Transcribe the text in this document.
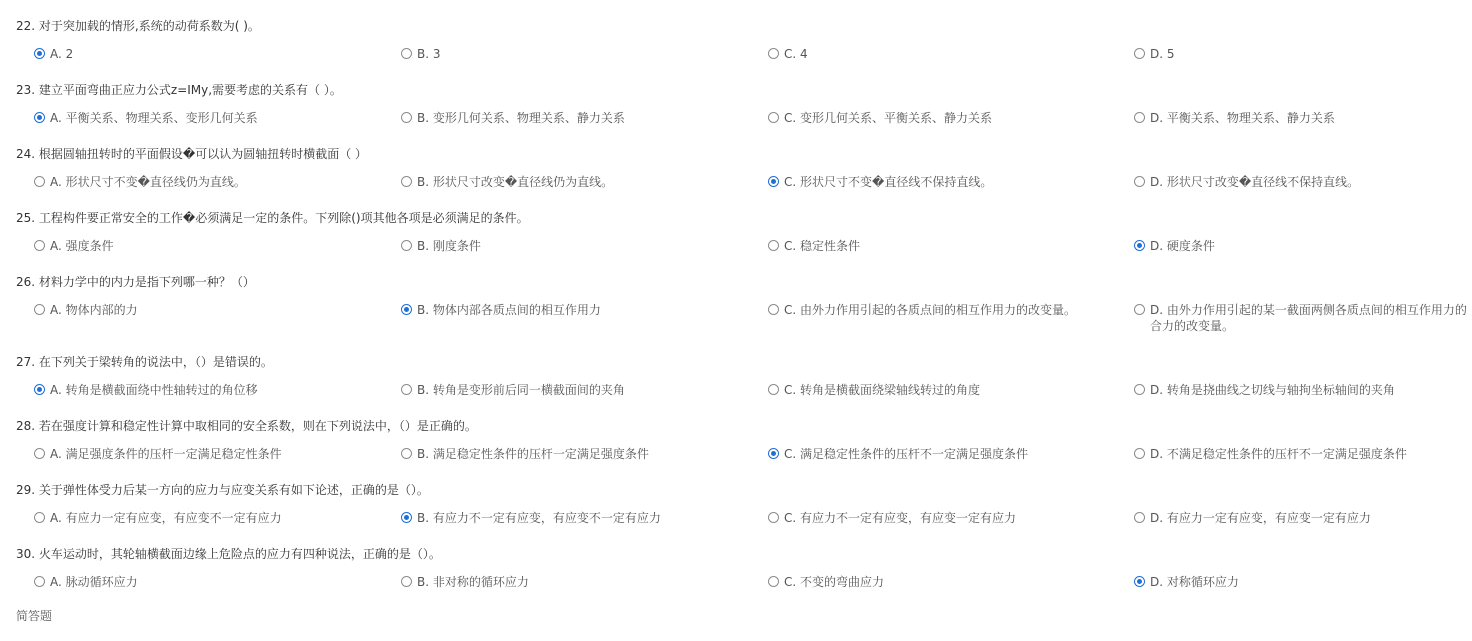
22. 对于突加载的情形,系统的动荷系数为( )。
A. 2	B. 3	C. 4	D. 5
23. 建立平面弯曲正应力公式z=IMy,需要考虑的关系有（ ）。
A. 平衡关系、物理关系、变形几何关系	B. 变形几何关系、物理关系、静力关系	C. 变形几何关系、平衡关系、静力关系	D. 平衡关系、物理关系、静力关系
24. 根据圆轴扭转时的平面假设�可以认为圆轴扭转时横截面（ ）
A. 形状尺寸不变�直径线仍为直线。	B. 形状尺寸改变�直径线仍为直线。	C. 形状尺寸不变�直径线不保持直线。	D. 形状尺寸改变�直径线不保持直线。
25. 工程构件要正常安全的工作�必须满足一定的条件。下列除()项其他各项是必须满足的条件。
A. 强度条件	B. 刚度条件	C. 稳定性条件	D. 硬度条件
26. 材料力学中的内力是指下列哪一种？（）
A. 物体内部的力	B. 物体内部各质点间的相互作用力	C. 由外力作用引起的各质点间的相互作用力的改变量。	D. 由外力作用引起的某一截面两侧各质点间的相互作用力的合力的改变量。
27. 在下列关于梁转角的说法中，（）是错误的。
A. 转角是横截面绕中性轴转过的角位移	B. 转角是变形前后同一横截面间的夹角	C. 转角是横截面绕梁轴线转过的角度	D. 转角是挠曲线之切线与轴拘坐标轴间的夹角
28. 若在强度计算和稳定性计算中取相同的安全系数，则在下列说法中，（）是正确的。
A. 满足强度条件的压杆一定满足稳定性条件	B. 满足稳定性条件的压杆一定满足强度条件	C. 满足稳定性条件的压杆不一定满足强度条件	D. 不满足稳定性条件的压杆不一定满足强度条件
29. 关于弹性体受力后某一方向的应力与应变关系有如下论述，正确的是（）。
A. 有应力一定有应变，有应变不一定有应力	B. 有应力不一定有应变，有应变不一定有应力	C. 有应力不一定有应变，有应变一定有应力	D. 有应力一定有应变，有应变一定有应力
30. 火车运动时，其轮轴横截面边缘上危险点的应力有四种说法，正确的是（）。
A. 脉动循环应力	B. 非对称的循环应力	C. 不变的弯曲应力	D. 对称循环应力
简答题
